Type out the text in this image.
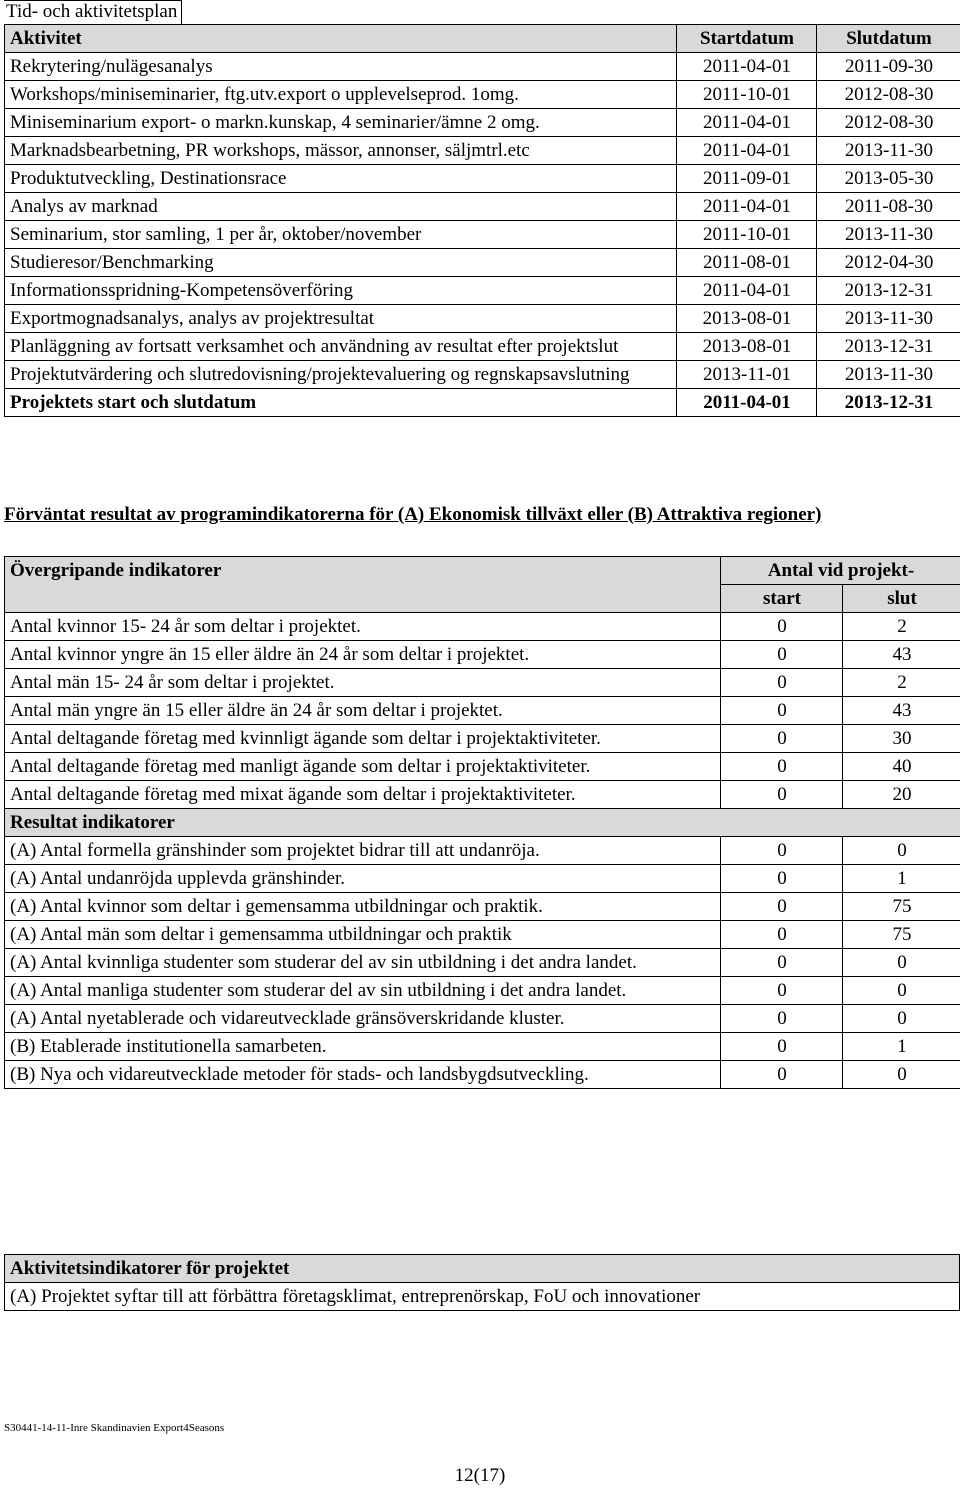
Tid- och aktivitetsplan
Aktivitet	Startdatum	Slutdatum
Rekrytering/nulägesanalys	2011-04-01	2011-09-30
Workshops/miniseminarier, ftg.utv.export o upplevelseprod. 1omg.	2011-10-01	2012-08-30
Miniseminarium export- o markn.kunskap, 4 seminarier/ämne 2 omg.	2011-04-01	2012-08-30
Marknadsbearbetning, PR workshops, mässor, annonser, säljmtrl.etc	2011-04-01	2013-11-30
Produktutveckling, Destinationsrace	2011-09-01	2013-05-30
Analys av marknad	2011-04-01	2011-08-30
Seminarium, stor samling, 1 per år, oktober/november	2011-10-01	2013-11-30
Studieresor/Benchmarking	2011-08-01	2012-04-30
Informationsspridning-Kompetensöverföring	2011-04-01	2013-12-31
Exportmognadsanalys, analys av projektresultat	2013-08-01	2013-11-30
Planläggning av fortsatt verksamhet och användning av resultat efter projektslut	2013-08-01	2013-12-31
Projektutvärdering och slutredovisning/projektevaluering og regnskapsavslutning	2013-11-01	2013-11-30
Projektets start och slutdatum	2011-04-01	2013-12-31
Förväntat resultat av programindikatorerna för (A) Ekonomisk tillväxt eller (B) Attraktiva regioner)
Övergripande indikatorer	Antal vid projekt-	
	start	slut
Antal kvinnor 15- 24 år som deltar i projektet.	0	2
Antal kvinnor yngre än 15 eller äldre än 24 år som deltar i projektet.	0	43
Antal män 15- 24 år som deltar i projektet.	0	2
Antal män yngre än 15 eller äldre än 24 år som deltar i projektet.	0	43
Antal deltagande företag med kvinnligt ägande som deltar i projektaktiviteter.	0	30
Antal deltagande företag med manligt ägande som deltar i projektaktiviteter.	0	40
Antal deltagande företag med mixat ägande som deltar i projektaktiviteter.	0	20
Resultat indikatorer		
(A) Antal formella gränshinder som projektet bidrar till att undanröja.	0	0
(A) Antal undanröjda upplevda gränshinder.	0	1
(A) Antal kvinnor som deltar i gemensamma utbildningar och praktik.	0	75
(A) Antal män som deltar i gemensamma utbildningar och praktik	0	75
(A) Antal kvinnliga studenter som studerar del av sin utbildning i det andra landet.	0	0
(A) Antal manliga studenter som studerar del av sin utbildning i det andra landet.	0	0
(A) Antal nyetablerade och vidareutvecklade gränsöverskridande kluster.	0	0
(B) Etablerade institutionella samarbeten.	0	1
(B) Nya och vidareutvecklade metoder för stads- och landsbygdsutveckling.	0	0
Aktivitetsindikatorer för projektet
(A) Projektet syftar till att förbättra företagsklimat, entreprenörskap, FoU och innovationer
S30441-14-11-Inre Skandinavien Export4Seasons
12(17)
